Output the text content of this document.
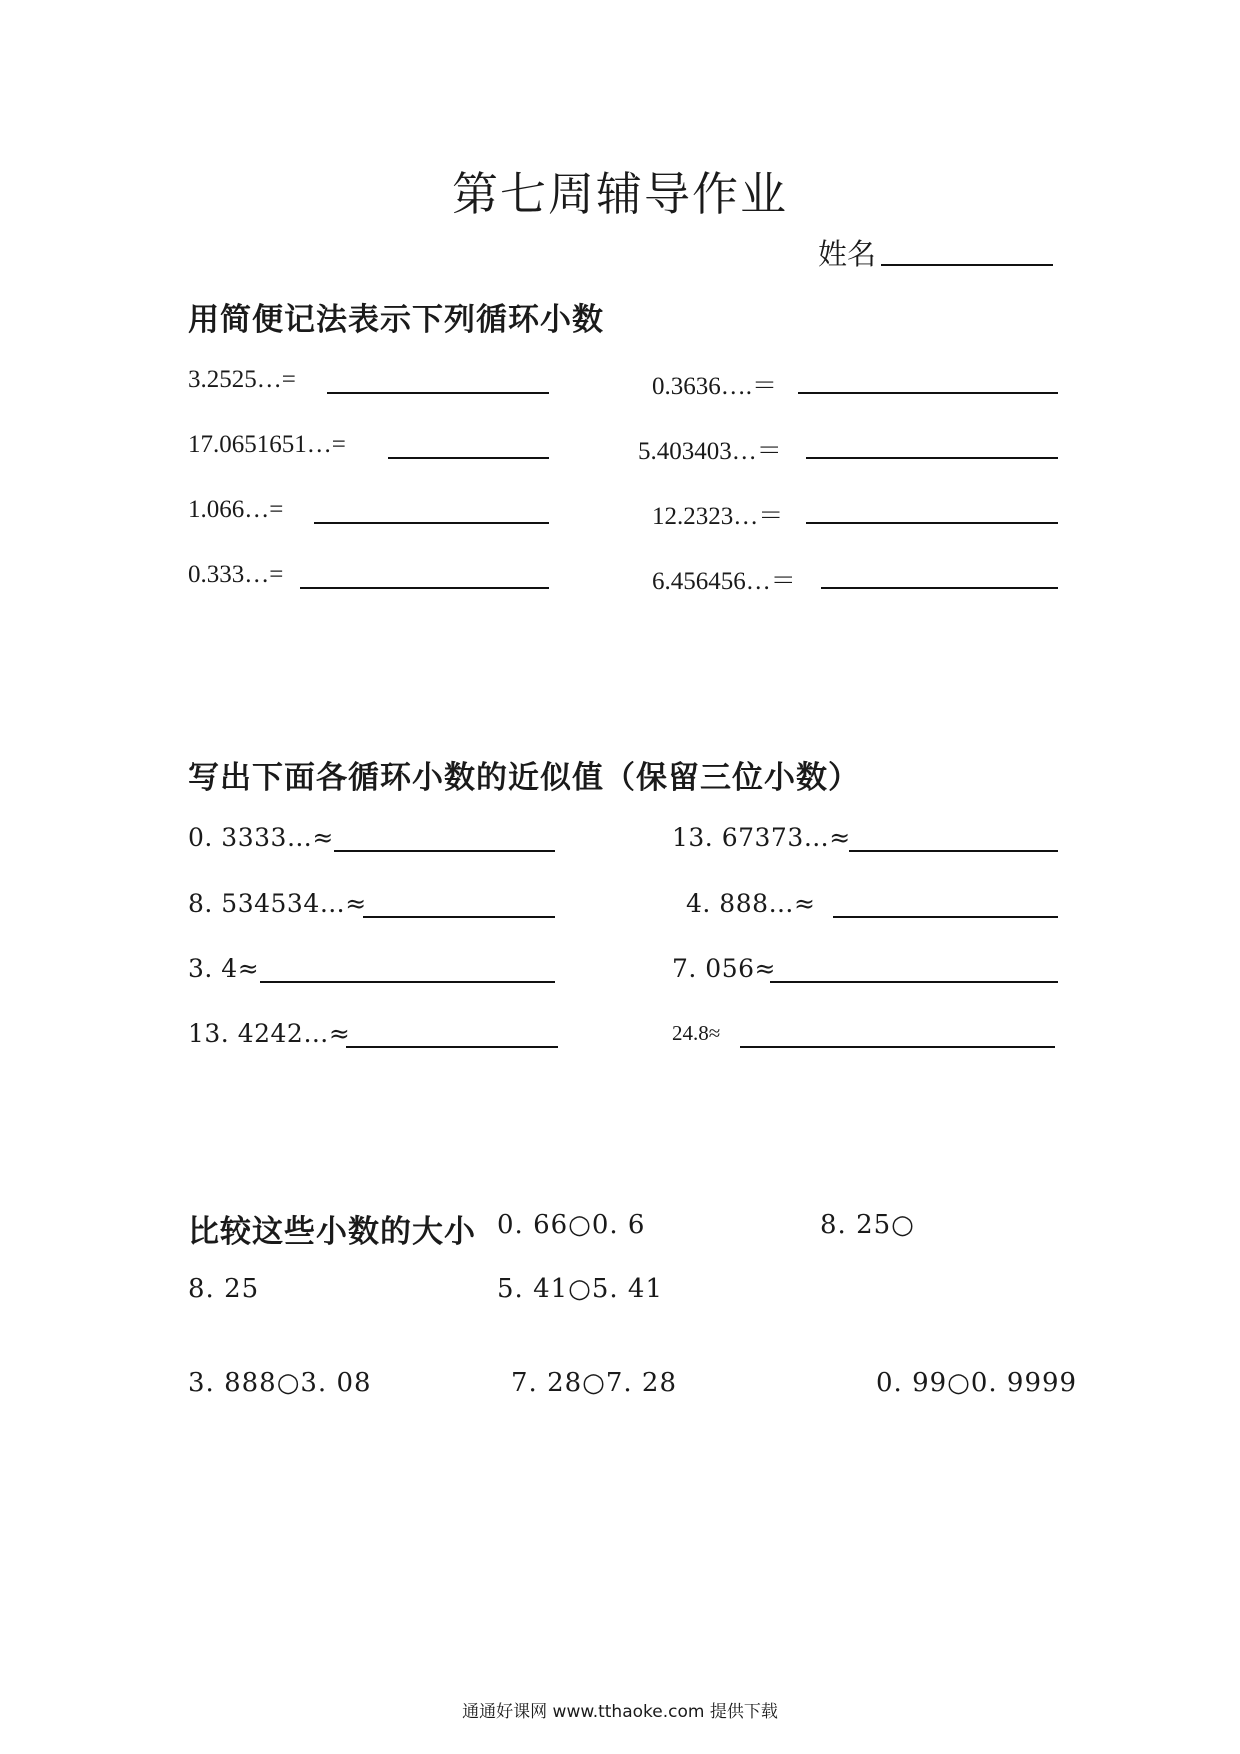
第七周辅导作业
姓名
用简便记法表示下列循环小数
3.2525…=	0.3636….＝
17.0651651…=	5.403403…＝
1.066…=	12.2323…＝
0.333…=	6.456456…＝
写出下面各循环小数的近似值（保留三位小数）
0. 3333…≈	13. 67373…≈
8. 534534…≈	4. 888…≈
3. 4≈	7. 056≈
13. 4242…≈	24.8≈
比较这些小数的大小 0. 66○0. 6	8. 25○
8. 25	5. 41○5. 41
3. 888○3. 08	7. 28○7. 28	0. 99○0. 9999
通通好课网 www.tthaoke.com 提供下载
